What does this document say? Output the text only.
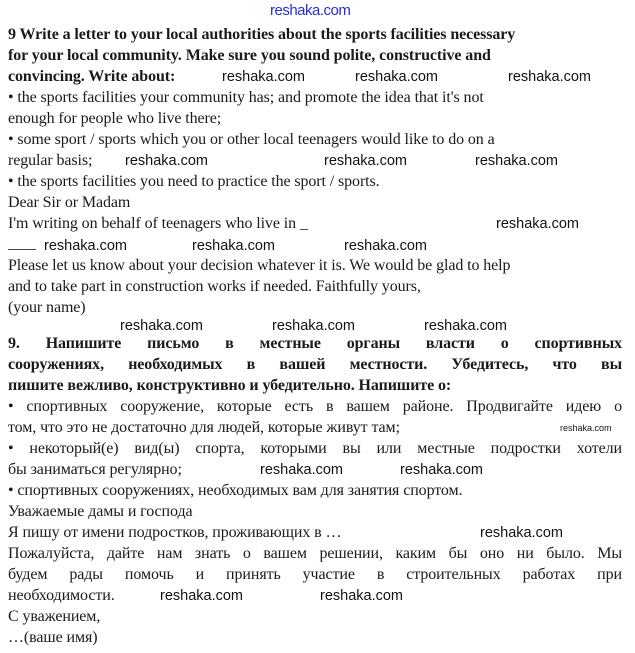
reshaka.com
9 Write a letter to your local authorities about the sports facilities necessary
for your local community. Make sure you sound polite, constructive and
convincing. Write about:
• the sports facilities your community has; and promote the idea that it's not
enough for people who live there;
• some sport / sports which you or other local teenagers would like to do on a
regular basis;
• the sports facilities you need to practice the sport / sports.
Dear Sir or Madam
I'm writing on behalf of teenagers who live in _
Please let us know about your decision whatever it is. We would be glad to help
and to take part in construction works if needed. Faithfully yours,
(your name)
9. Напишите письмо в местные органы власти о спортивных
сооружениях, необходимых в вашей местности. Убедитесь, что вы
пишите вежливо, конструктивно и убедительно. Напишите о:
• спортивных сооружение, которые есть в вашем районе. Продвигайте идею о
том, что это не достаточно для людей, которые живут там;
• некоторый(е) вид(ы) спорта, которыми вы или местные подростки хотели
бы заниматься регулярно;
• спортивных сооружениях, необходимых вам для занятия спортом.
Уважаемые дамы и господа
Я пишу от имени подростков, проживающих в …
Пожалуйста, дайте нам знать о вашем решении, каким бы оно ни было. Мы
будем рады помочь и принять участие в строительных работах при
необходимости.
С уважением,
…(ваше имя)
reshaka.com	reshaka.com	reshaka.com
reshaka.com
reshaka.com	reshaka.com
reshaka.com
reshaka.com	reshaka.com	reshaka.com
reshaka.com	reshaka.com	reshaka.com
reshaka.com
reshaka.com	reshaka.com
reshaka.com
reshaka.com	reshaka.com
